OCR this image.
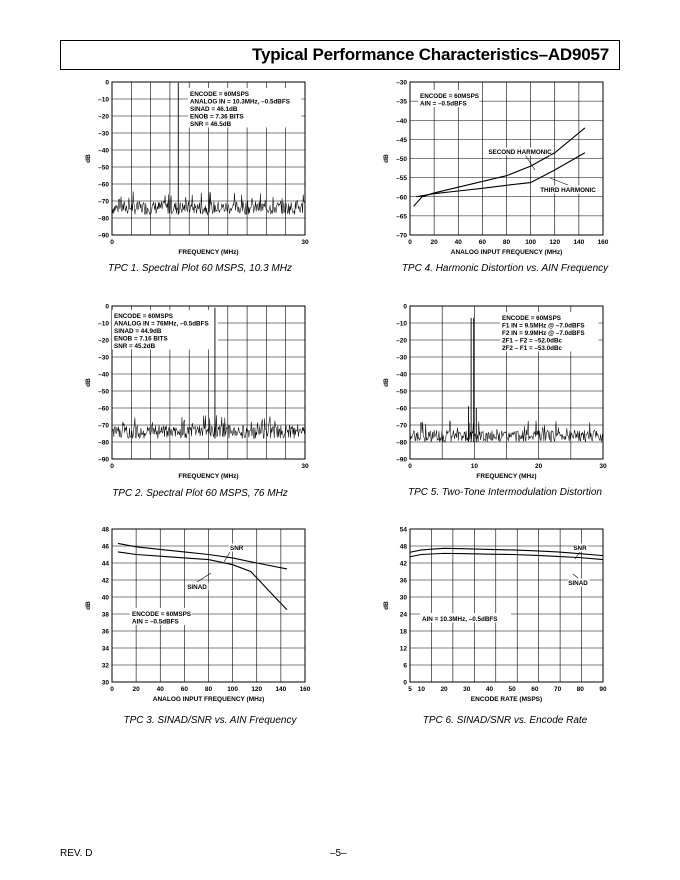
Typical Performance Characteristics–AD9057
0
–10
–20
–30
–40
–50
–60
–70
–80
–90
0	30
FREQUENCY (MHz)
dB
ENCODE = 60MSPS
ANALOG IN = 10.3MHz, –0.5dBFS
SINAD = 46.1dB
ENOB = 7.36 BITS
SNR = 46.5dB
TPC 1. Spectral Plot 60 MSPS, 10.3 MHz
0
–10
–20
–30
–40
–50
–60
–70
–80
–90
0	30
FREQUENCY (MHz)
dB
ENCODE = 60MSPS
ANALOG IN = 76MHz, –0.5dBFS
SINAD = 44.9dB
ENOB = 7.16 BITS
SNR = 45.2dB
TPC 2. Spectral Plot 60 MSPS, 76 MHz
48
46
44
42
40
38
36
34
32
30
0	20	40	60	80 100 120 140 160
ANALOG INPUT FREQUENCY (MHz)
dB
ENCODE = 60MSPS
AIN = –0.5dBFS
SNR
SINAD
TPC 3. SINAD/SNR vs. AIN Frequency
–30
–35
–40
–45
–50
–55
–60
–65
–70
0	20	40	60	80 100 120 140 160
ANALOG INPUT FREQUENCY (MHz)
dB
ENCODE = 60MSPS
AIN = –0.5dBFS
SECOND HARMONIC
THIRD HARMONIC
TPC 4. Harmonic Distortion vs. AIN Frequency
0
–10
–20
–30
–40
–50
–60
–70
–80
–90
0	10	20	30
FREQUENCY (MHz)
dB
ENCODE = 60MSPS
F1 IN = 9.5MHz @ –7.0dBFS
F2 IN = 9.9MHz @ –7.0dBFS
2F1 – F2 = –52.0dBc
2F2 – F1 = –53.0dBc
TPC 5. Two-Tone Intermodulation Distortion
54
48
42
36
30
24
18
12
6
0
5 10 20 30 40 50 60 70 80 90
ENCODE RATE (MSPS)
dB
AIN = 10.3MHz, –0.5dBFS
SNR
SINAD
TPC 6. SINAD/SNR vs. Encode Rate
REV. D	–5–
